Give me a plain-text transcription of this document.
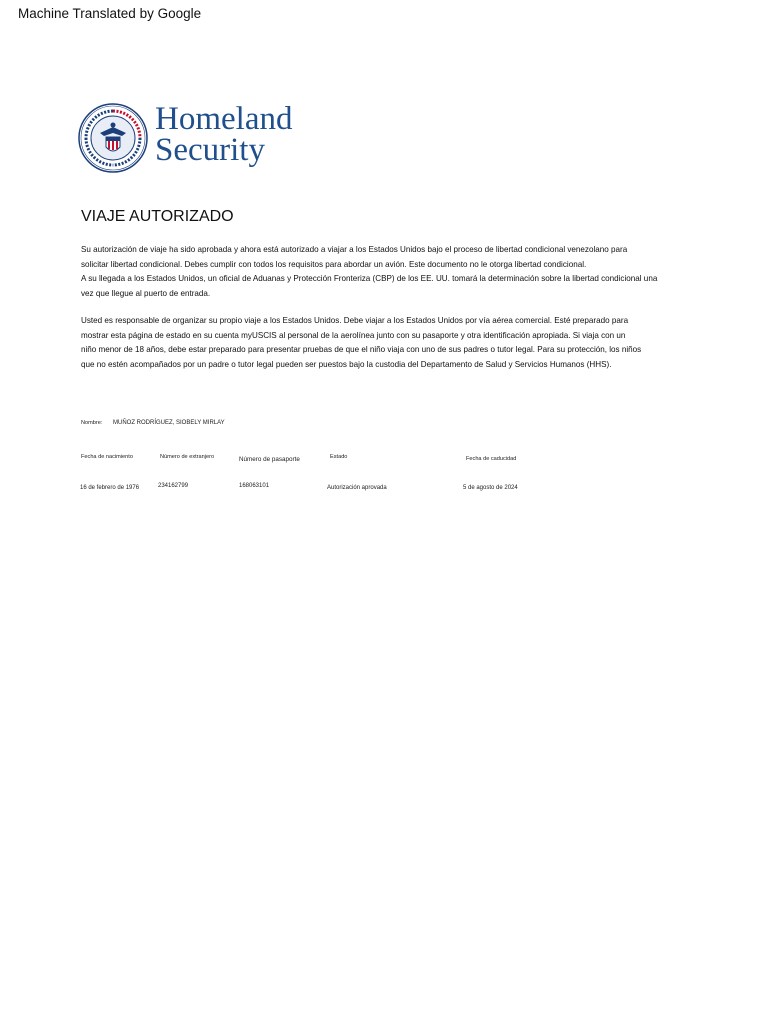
Machine Translated by Google
Homeland
Security
VIAJE AUTORIZADO

Su autorización de viaje ha sido aprobada y ahora está autorizado a viajar a los Estados Unidos bajo el proceso de libertad condicional venezolano para

solicitar libertad condicional. Debes cumplir con todos los requisitos para abordar un avión. Este documento no le otorga libertad condicional.

A su llegada a los Estados Unidos, un oficial de Aduanas y Protección Fronteriza (CBP) de los EE. UU. tomará la determinación sobre la libertad condicional una

vez que llegue al puerto de entrada.

Usted es responsable de organizar su propio viaje a los Estados Unidos. Debe viajar a los Estados Unidos por vía aérea comercial. Esté preparado para

mostrar esta página de estado en su cuenta myUSCIS al personal de la aerolínea junto con su pasaporte y otra identificación apropiada. Si viaja con un

niño menor de 18 años, debe estar preparado para presentar pruebas de que el niño viaja con uno de sus padres o tutor legal. Para su protección, los niños

que no estén acompañados por un padre o tutor legal pueden ser puestos bajo la custodia del Departamento de Salud y Servicios Humanos (HHS).

Nombre: MUÑOZ RODRÍGUEZ, SIOBELY MIRLAY
Fecha de nacimiento	Número de extranjero	Número de pasaporte	Estado	Fecha de caducidad
16 de febrero de 1976	234162799	168063101	Autorización aprovada	5 de agosto de 2024
